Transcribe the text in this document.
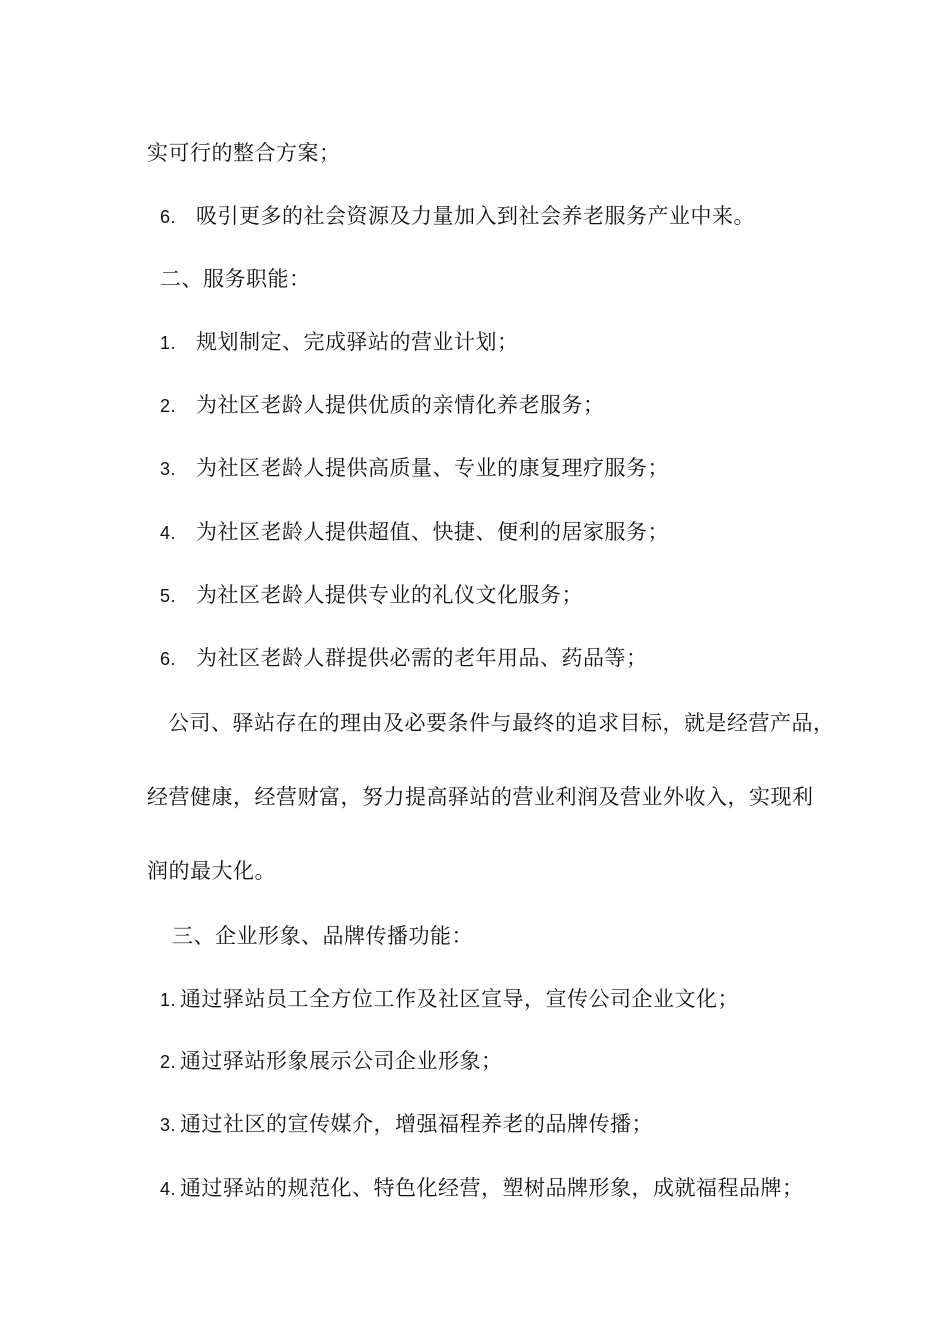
实可行的整合方案；
6. 吸引更多的社会资源及力量加入到社会养老服务产业中来。
二、服务职能：
1. 规划制定、完成驿站的营业计划；
2. 为社区老龄人提供优质的亲情化养老服务；
3. 为社区老龄人提供高质量、专业的康复理疗服务；
4. 为社区老龄人提供超值、快捷、便利的居家服务；
5. 为社区老龄人提供专业的礼仪文化服务；
6. 为社区老龄人群提供必需的老年用品、药品等；
公司、驿站存在的理由及必要条件与最终的追求目标，就是经营产品，
经营健康，经营财富，努力提高驿站的营业利润及营业外收入，实现利
润的最大化。
三、企业形象、品牌传播功能：
1. 通过驿站员工全方位工作及社区宣导，宣传公司企业文化；
2. 通过驿站形象展示公司企业形象；
3. 通过社区的宣传媒介，增强福程养老的品牌传播；
4. 通过驿站的规范化、特色化经营，塑树品牌形象，成就福程品牌；
